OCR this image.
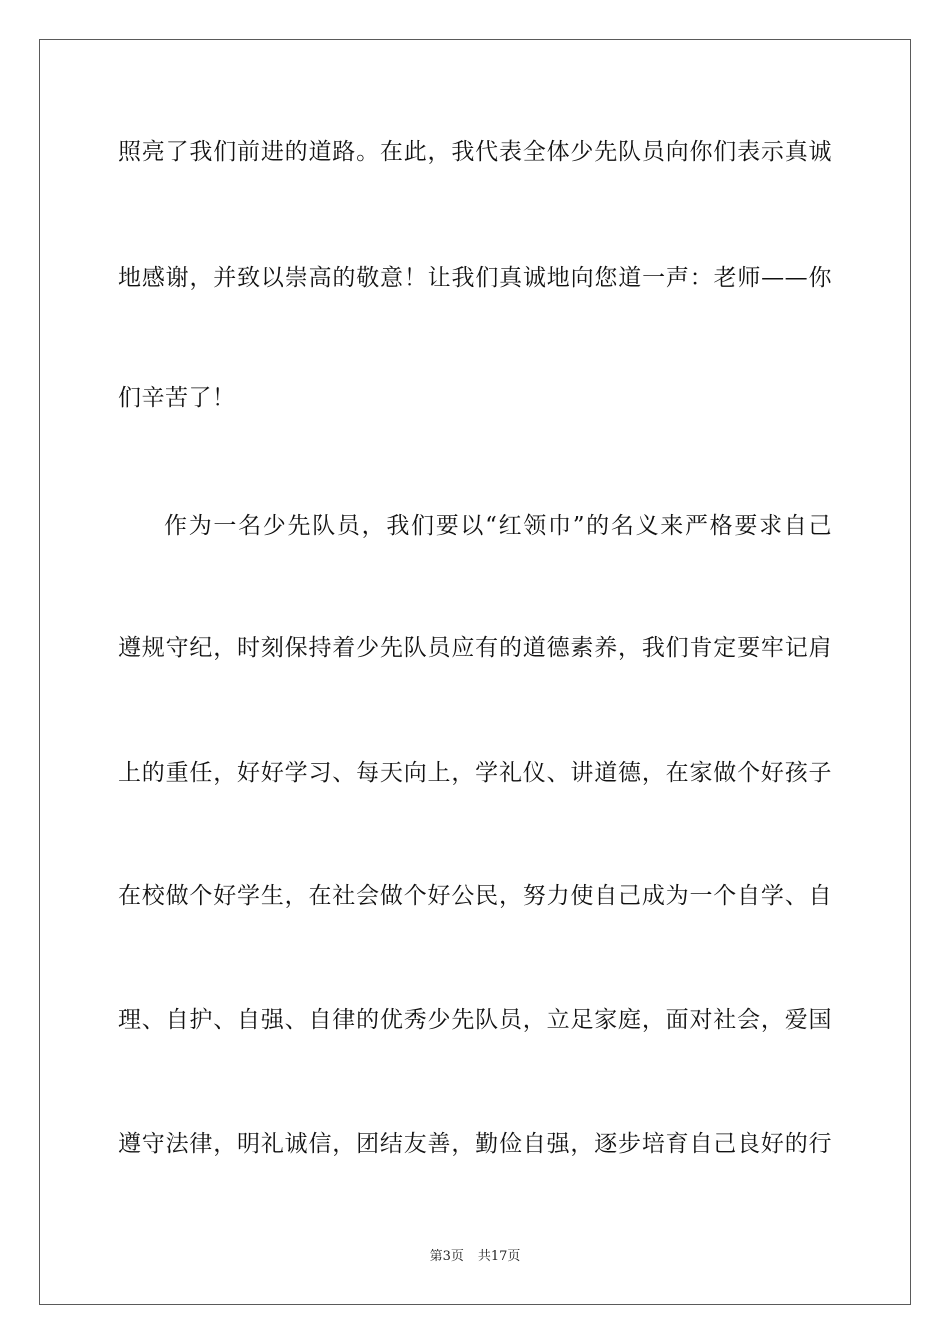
照亮了我们前进的道路。在此，我代表全体少先队员向你们表示真诚
地感谢，并致以崇高的敬意！让我们真诚地向您道一声：老师——你
们辛苦了！
作为一名少先队员，我们要以“红领巾”的名义来严格要求自己
遵规守纪，时刻保持着少先队员应有的道德素养，我们肯定要牢记肩
上的重任，好好学习、每天向上，学礼仪、讲道德，在家做个好孩子
在校做个好学生，在社会做个好公民，努力使自己成为一个自学、自
理、自护、自强、自律的优秀少先队员，立足家庭，面对社会，爱国
遵守法律，明礼诚信，团结友善，勤俭自强，逐步培育自己良好的行
第3页 共17页
